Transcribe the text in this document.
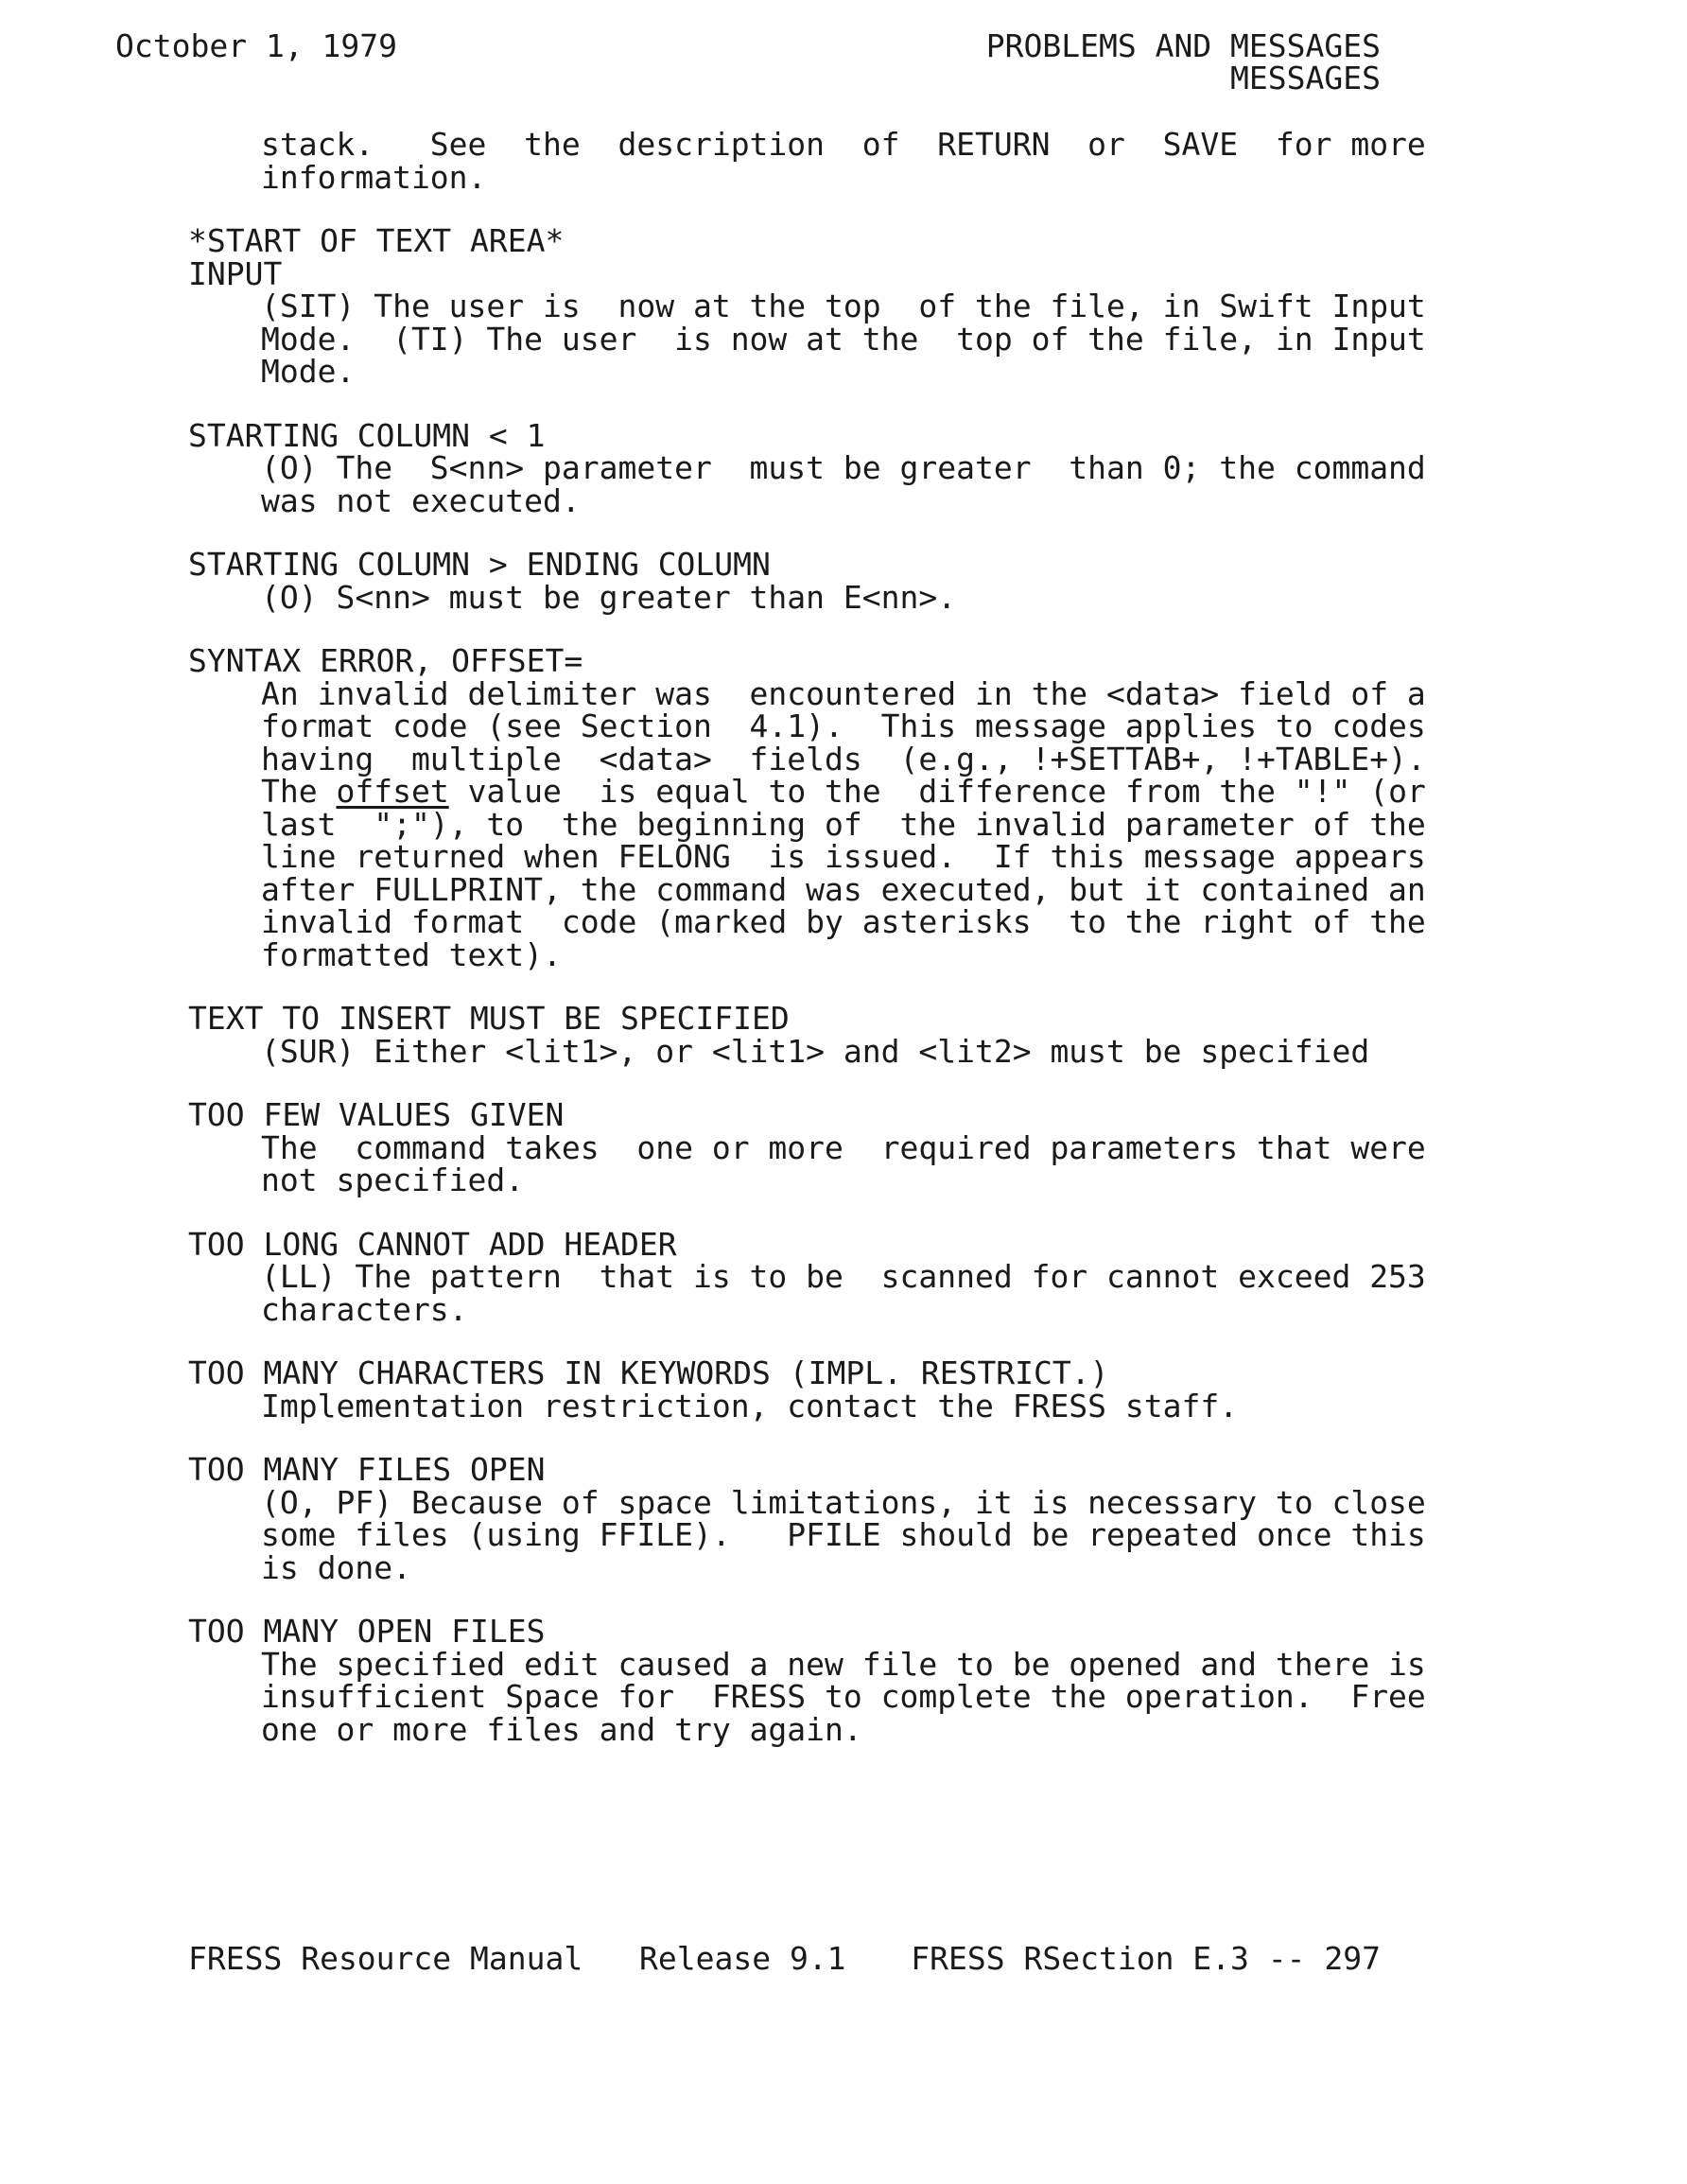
October 1, 1979	PROBLEMS AND MESSAGES
MESSAGES
stack.   See  the  description  of  RETURN  or  SAVE  for more
information.
*START OF TEXT AREA*
INPUT
(SIT) The user is  now at the top  of the file, in Swift Input
Mode.  (TI) The user  is now at the  top of the file, in Input
Mode.
STARTING COLUMN < 1
(O) The  S<nn> parameter  must be greater  than 0; the command
was not executed.
STARTING COLUMN > ENDING COLUMN
(O) S<nn> must be greater than E<nn>.
SYNTAX ERROR, OFFSET=
An invalid delimiter was  encountered in the <data> field of a
format code (see Section  4.1).  This message applies to codes
having  multiple  <data>  fields  (e.g., !+SETTAB+, !+TABLE+).
The offset value  is equal to the  difference from the "!" (or
last  ";"), to  the beginning of  the invalid parameter of the
line returned when FELONG  is issued.  If this message appears
after FULLPRINT, the command was executed, but it contained an
invalid format  code (marked by asterisks  to the right of the
formatted text).
TEXT TO INSERT MUST BE SPECIFIED
(SUR) Either <lit1>, or <lit1> and <lit2> must be specified
TOO FEW VALUES GIVEN
The  command takes  one or more  required parameters that were
not specified.
TOO LONG CANNOT ADD HEADER
(LL) The pattern  that is to be  scanned for cannot exceed 253
characters.
TOO MANY CHARACTERS IN KEYWORDS (IMPL. RESTRICT.)
Implementation restriction, contact the FRESS staff.
TOO MANY FILES OPEN
(O, PF) Because of space limitations, it is necessary to close
some files (using FFILE).   PFILE should be repeated once this
is done.
TOO MANY OPEN FILES
The specified edit caused a new file to be opened and there is
insufficient Space for  FRESS to complete the operation.  Free
one or more files and try again.
FRESS Resource Manual Release 9.1 FRESS RSection E.3 -- 297
